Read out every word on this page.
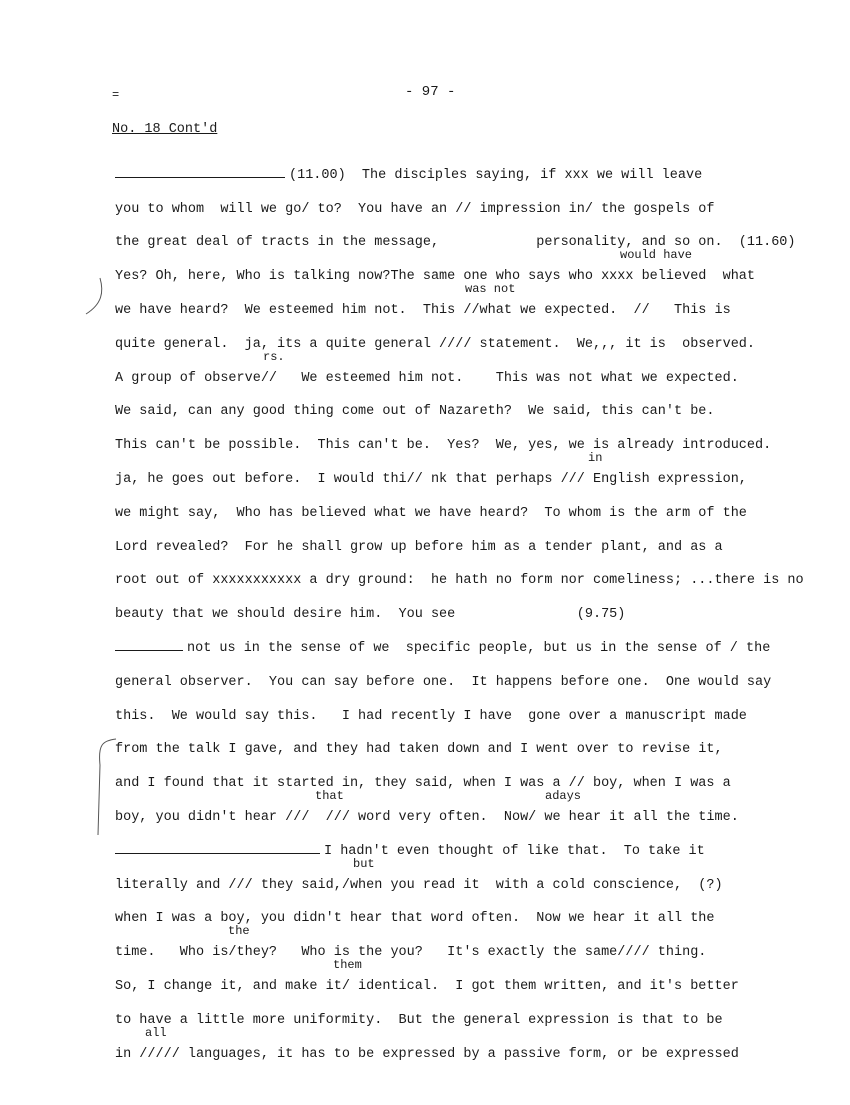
=	- 97 -
No. 18 Cont'd
(11.00)  The disciples saying, if xxx we will leave
you to whom  will we go/ to?  You have an // impression in/ the gospels of
the great deal of tracts in the message,            personality, and so on.  (11.60)
Yes? Oh, here, Who is talking now?The same one who says who xxxx believed  what
would have
we have heard?  We esteemed him not.  This //what we expected.  //   This is
was not
quite general.  ja, its a quite general //// statement.  We,,, it is  observed.
A group of observe//   We esteemed him not.    This was not what we expected.
rs.
We said, can any good thing come out of Nazareth?  We said, this can't be.
This can't be possible.  This can't be.  Yes?  We, yes, we is already introduced.
ja, he goes out before.  I would thi// nk that perhaps /// English expression,
in
we might say,  Who has believed what we have heard?  To whom is the arm of the
Lord revealed?  For he shall grow up before him as a tender plant, and as a
root out of xxxxxxxxxxx a dry ground:  he hath no form nor comeliness; ...there is no
beauty that we should desire him.  You see               (9.75)
not us in the sense of we  specific people, but us in the sense of / the
general observer.  You can say before one.  It happens before one.  One would say
this.  We would say this.   I had recently I have  gone over a manuscript made
from the talk I gave, and they had taken down and I went over to revise it,
and I found that it started in, they said, when I was a // boy, when I was a
boy, you didn't hear ///  /// word very often.  Now/ we hear it all the time.
that	adays
I hadn't even thought of like that.  To take it
literally and /// they said,/when you read it  with a cold conscience,  (?)
but
when I was a boy, you didn't hear that word often.  Now we hear it all the
time.   Who is/they?   Who is the you?   It's exactly the same//// thing.
the
So, I change it, and make it/ identical.  I got them written, and it's better
them
to have a little more uniformity.  But the general expression is that to be
in ///// languages, it has to be expressed by a passive form, or be expressed
all
